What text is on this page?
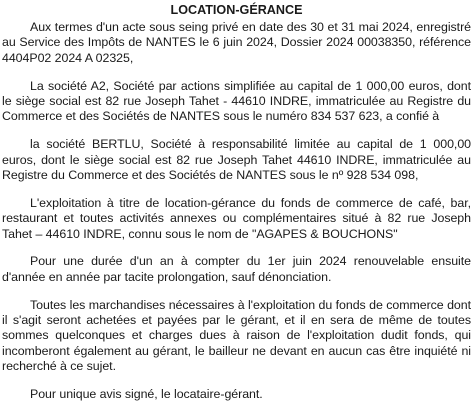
LOCATION-GÉRANCE

Aux termes d'un acte sous seing privé en date des 30 et 31 mai 2024, enregistré au Service des Impôts de NANTES le 6 juin 2024, Dossier 2024 00038350, référence 4404P02 2024 A 02325,

La société A2, Société par actions simplifiée au capital de 1 000,00 euros, dont le siège social est 82 rue Joseph Tahet - 44610 INDRE, immatriculée au Registre du Commerce et des Sociétés de NANTES sous le numéro 834 537 623, a confié à

la société BERTLU, Société à responsabilité limitée au capital de 1 000,00 euros, dont le siège social est 82 rue Joseph Tahet 44610 INDRE, immatriculée au Registre du Commerce et des Sociétés de NANTES sous le nº 928 534 098,

L'exploitation à titre de location-gérance du fonds de commerce de café, bar, restaurant et toutes activités annexes ou complémentaires situé à 82 rue Joseph Tahet – 44610 INDRE, connu sous le nom de "AGAPES & BOUCHONS"

Pour une durée d'un an à compter du 1er juin 2024 renouvelable ensuite d'année en année par tacite prolongation, sauf dénonciation.

Toutes les marchandises nécessaires à l'exploitation du fonds de commerce dont il s'agit seront achetées et payées par le gérant, et il en sera de même de toutes sommes quelconques et charges dues à raison de l'exploitation dudit fonds, qui incomberont également au gérant, le bailleur ne devant en aucun cas être inquiété ni recherché à ce sujet.

Pour unique avis signé, le locataire-gérant.
